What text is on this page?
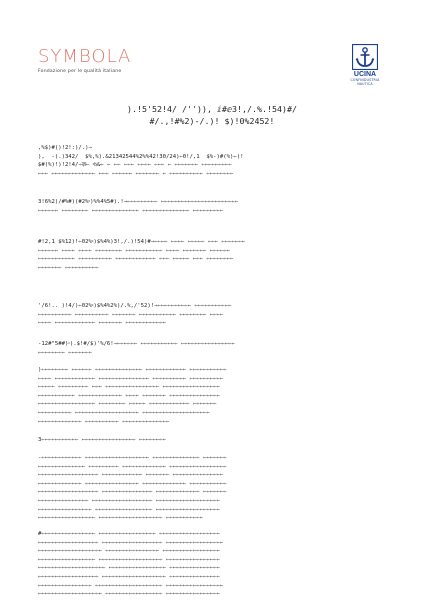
SYMBOLA
Fondazione per le qualità italiane	UCINA
CONFINDUSTRIA NAUTICA
).!5'52!4/ /'')), ⅈ#ⅇ3!,/.%.!54)#/
#/.,!#%2)-/.)! $)!0%2452!
,%$)#()!2!:)/.)⇒
),  -).)342/  $%,%).&21342544%2%%42!30/24)⇐0!/,1  $%-)#(%)⇐(!
$#(%)!)!2!4/⇒ॹ⇐ ᵡᵬ&⇐ ⇐ ⇐⇐ ⇐⇐⇐ ⇐⇐⇐⇐ ⇐⇐⇐ ⇐ ⇐⇐⇐⇐⇐⇐⇐ ⇐⇐⇐⇐⇐⇐⇐⇐⇐
⇐⇐⇐ ⇐⇐⇐⇐⇐⇐⇐⇐⇐⇐⇐⇐⇐ ⇐⇐⇐ ⇐⇐⇐⇐⇐⇐ ⇐⇐⇐⇐⇐⇐⇐ ⇐ ⇐⇐⇐⇐⇐⇐⇐⇐⇐⇐ ⇐⇐⇐⇐⇐⇐⇐⇐
3!6%2)/#%#)(#2%ᵡ)%%4%5#).!⇒⇐⇐⇐⇐⇐⇐⇐⇐⇐ ⇐⇐⇐⇐⇐⇐⇐⇐⇐⇐⇐⇐⇐⇐⇐⇐⇐⇐⇐⇐⇐⇐⇐
⇐⇐⇐⇐⇐⇐ ⇐⇐⇐⇐⇐⇐⇐⇐ ⇐⇐⇐⇐⇐⇐⇐⇐⇐⇐⇐⇐⇐⇐ ⇐⇐⇐⇐⇐⇐⇐⇐⇐⇐⇐⇐⇐⇐ ⇐⇐⇐⇐⇐⇐⇐⇐⇐
#!2,1 $%12)!⇐02%ᵡ)$%4%)3!,/.)!54)#⇒⇐⇐⇐⇐ ⇐⇐⇐⇐ ⇐⇐⇐⇐⇐ ⇐⇐⇐ ⇐⇐⇐⇐⇐⇐⇐
⇐⇐⇐⇐⇐⇐ ⇐⇐⇐⇐ ⇐⇐⇐⇐ ⇐⇐⇐⇐⇐⇐⇐⇐ ⇐⇐⇐⇐⇐⇐⇐⇐⇐⇐⇐ ⇐⇐⇐⇐ ⇐⇐⇐⇐⇐⇐⇐ ⇐⇐⇐⇐⇐⇐
⇐⇐⇐⇐⇐⇐⇐⇐⇐⇐⇐ ⇐⇐⇐⇐⇐⇐⇐⇐⇐⇐ ⇐⇐⇐⇐⇐⇐⇐⇐⇐⇐⇐⇐ ⇐⇐⇐ ⇐⇐⇐⇐⇐ ⇐⇐⇐ ⇐⇐⇐⇐⇐⇐⇐⇐
⇐⇐⇐⇐⇐⇐⇐ ⇐⇐⇐⇐⇐⇐⇐⇐⇐⇐
'/6!.. )!4/)⇐02%ᵡ)$%4%2%)/.%,/'52)!⇒⇐⇐⇐⇐⇐⇐⇐⇐⇐⇐ ⇐⇐⇐⇐⇐⇐⇐⇐⇐⇐⇐
⇐⇐⇐⇐⇐⇐⇐⇐⇐⇐ ⇐⇐⇐⇐⇐⇐⇐⇐⇐⇐ ⇐⇐⇐⇐⇐⇐⇐ ⇐⇐⇐⇐⇐⇐⇐⇐⇐⇐⇐ ⇐⇐⇐⇐⇐⇐⇐⇐ ⇐⇐⇐⇐
⇐⇐⇐⇐ ⇐⇐⇐⇐⇐⇐⇐⇐⇐⇐⇐⇐ ⇐⇐⇐⇐⇐⇐⇐ ⇐⇐⇐⇐⇐⇐⇐⇐⇐⇐⇐⇐
-12#"5##)ᵡ).$!#/$)'%/6!⇒⇐⇐⇐⇐⇐⇐ ⇐⇐⇐⇐⇐⇐⇐⇐⇐⇐⇐ ⇐⇐⇐⇐⇐⇐⇐⇐⇐⇐⇐⇐⇐⇐⇐⇐
⇐⇐⇐⇐⇐⇐⇐⇐ ⇐⇐⇐⇐⇐⇐⇐
)⇐⇐⇐⇐⇐⇐⇐⇐ ⇐⇐⇐⇐⇐⇐ ⇐⇐⇐⇐⇐⇐⇐⇐⇐⇐⇐⇐⇐⇐ ⇐⇐⇐⇐⇐⇐⇐⇐⇐⇐⇐⇐ ⇐⇐⇐⇐⇐⇐⇐⇐⇐⇐⇐
⇐⇐⇐⇐ ⇐⇐⇐⇐⇐⇐⇐⇐⇐⇐⇐⇐ ⇐⇐⇐⇐⇐⇐⇐⇐⇐⇐⇐⇐⇐⇐⇐ ⇐⇐⇐⇐⇐⇐⇐⇐⇐⇐ ⇐⇐⇐⇐⇐⇐⇐⇐⇐⇐
⇐⇐⇐⇐⇐ ⇐⇐⇐⇐⇐⇐⇐⇐⇐ ⇐⇐⇐ ⇐⇐⇐⇐⇐⇐⇐⇐⇐⇐⇐⇐⇐⇐⇐⇐ ⇐⇐⇐⇐⇐⇐⇐⇐⇐⇐⇐⇐⇐⇐⇐⇐⇐
⇐⇐⇐⇐⇐⇐⇐⇐⇐⇐⇐ ⇐⇐⇐⇐⇐⇐⇐⇐⇐⇐⇐⇐⇐ ⇐⇐⇐⇐ ⇐⇐⇐⇐⇐⇐⇐ ⇐⇐⇐⇐⇐⇐⇐⇐⇐⇐⇐⇐⇐⇐⇐
⇐⇐⇐⇐⇐⇐⇐⇐⇐⇐⇐⇐⇐⇐⇐⇐⇐ ⇐⇐⇐⇐⇐⇐⇐⇐ ⇐⇐⇐⇐⇐ ⇐⇐⇐⇐⇐⇐⇐⇐⇐⇐⇐⇐ ⇐⇐⇐⇐⇐⇐⇐
⇐⇐⇐⇐⇐⇐⇐⇐⇐⇐ ⇐⇐⇐⇐⇐⇐⇐⇐⇐⇐⇐⇐⇐⇐⇐⇐⇐⇐⇐ ⇐⇐⇐⇐⇐⇐⇐⇐⇐⇐⇐⇐⇐⇐⇐⇐⇐⇐⇐⇐
⇐⇐⇐⇐⇐⇐⇐⇐⇐⇐⇐⇐⇐ ⇐⇐⇐⇐⇐⇐⇐⇐⇐⇐ ⇐⇐⇐⇐⇐⇐⇐⇐⇐⇐⇐⇐⇐⇐
3⇐⇐⇐⇐⇐⇐⇐⇐⇐⇐⇐ ⇐⇐⇐⇐⇐⇐⇐⇐⇐⇐⇐⇐⇐⇐⇐⇐ ⇐⇐⇐⇐⇐⇐⇐⇐
-⇐⇐⇐⇐⇐⇐⇐⇐⇐⇐⇐⇐ ⇐⇐⇐⇐⇐⇐⇐⇐⇐⇐⇐⇐⇐⇐⇐⇐⇐⇐⇐ ⇐⇐⇐⇐⇐⇐⇐⇐⇐⇐⇐⇐⇐⇐ ⇐⇐⇐⇐⇐⇐⇐
⇐⇐⇐⇐⇐⇐⇐⇐⇐⇐⇐⇐⇐⇐ ⇐⇐⇐⇐⇐⇐⇐⇐⇐ ⇐⇐⇐⇐⇐⇐⇐⇐⇐⇐⇐⇐⇐ ⇐⇐⇐⇐⇐⇐⇐⇐⇐⇐⇐⇐⇐⇐⇐⇐⇐
⇐⇐⇐⇐⇐⇐⇐⇐⇐⇐⇐⇐⇐⇐⇐⇐⇐⇐ ⇐⇐⇐⇐⇐⇐⇐⇐⇐⇐⇐⇐ ⇐⇐⇐⇐⇐⇐⇐ ⇐⇐⇐⇐⇐⇐⇐⇐⇐⇐⇐⇐⇐⇐⇐
⇐⇐⇐⇐⇐⇐⇐⇐⇐⇐⇐⇐⇐ ⇐⇐⇐⇐⇐⇐⇐⇐⇐⇐⇐⇐⇐⇐⇐⇐ ⇐⇐⇐⇐⇐⇐⇐⇐⇐⇐⇐⇐⇐ ⇐⇐⇐⇐⇐⇐⇐⇐⇐⇐⇐
⇐⇐⇐⇐⇐⇐⇐⇐⇐⇐⇐⇐⇐⇐⇐⇐⇐⇐ ⇐⇐⇐⇐⇐⇐⇐⇐⇐⇐⇐⇐⇐⇐⇐ ⇐⇐⇐⇐⇐⇐⇐⇐⇐⇐⇐⇐⇐ ⇐⇐⇐⇐⇐⇐⇐
⇐⇐⇐⇐⇐⇐⇐⇐⇐⇐⇐⇐⇐⇐⇐ ⇐⇐⇐⇐⇐⇐⇐⇐⇐⇐⇐⇐⇐⇐⇐⇐⇐⇐ ⇐⇐⇐⇐⇐⇐⇐⇐⇐⇐⇐⇐⇐⇐⇐⇐⇐⇐⇐
⇐⇐⇐⇐⇐⇐⇐⇐⇐⇐⇐⇐⇐⇐⇐⇐ ⇐⇐⇐⇐⇐⇐⇐⇐⇐⇐⇐⇐⇐⇐⇐⇐⇐ ⇐⇐⇐⇐⇐⇐⇐⇐⇐⇐⇐⇐⇐⇐⇐⇐⇐⇐⇐
⇐⇐⇐⇐⇐⇐⇐⇐⇐⇐⇐⇐⇐⇐⇐⇐⇐ ⇐⇐⇐⇐⇐⇐⇐⇐⇐⇐⇐⇐⇐⇐⇐⇐⇐⇐⇐ ⇐⇐⇐⇐⇐⇐⇐⇐⇐⇐⇐
#⇐⇐⇐⇐⇐⇐⇐⇐⇐⇐⇐⇐⇐⇐⇐⇐ ⇐⇐⇐⇐⇐⇐⇐⇐⇐⇐⇐⇐⇐⇐⇐⇐⇐ ⇐⇐⇐⇐⇐⇐⇐⇐⇐⇐⇐⇐⇐⇐⇐⇐⇐⇐
⇐⇐⇐⇐⇐⇐⇐⇐⇐⇐⇐⇐⇐⇐⇐⇐⇐⇐ ⇐⇐⇐⇐⇐⇐⇐⇐⇐⇐⇐⇐⇐⇐⇐⇐⇐⇐ ⇐⇐⇐⇐⇐⇐⇐⇐⇐⇐⇐⇐⇐⇐⇐⇐⇐
⇐⇐⇐⇐⇐⇐⇐⇐⇐⇐⇐⇐⇐⇐⇐⇐⇐⇐⇐ ⇐⇐⇐⇐⇐⇐⇐⇐⇐⇐⇐⇐⇐⇐⇐⇐ ⇐⇐⇐⇐⇐⇐⇐⇐⇐⇐⇐⇐⇐⇐⇐⇐⇐
⇐⇐⇐⇐⇐⇐⇐⇐⇐⇐⇐⇐⇐⇐⇐⇐⇐ ⇐⇐⇐⇐⇐⇐⇐⇐⇐⇐⇐⇐⇐⇐⇐⇐⇐⇐⇐ ⇐⇐⇐⇐⇐⇐⇐⇐⇐⇐⇐⇐⇐⇐⇐⇐
⇐⇐⇐⇐⇐⇐⇐⇐⇐⇐⇐⇐⇐⇐⇐⇐⇐⇐⇐⇐ ⇐⇐⇐⇐⇐⇐⇐⇐⇐⇐⇐⇐⇐⇐⇐⇐⇐ ⇐⇐⇐⇐⇐⇐⇐⇐⇐⇐⇐⇐⇐⇐⇐
⇐⇐⇐⇐⇐⇐⇐⇐⇐⇐⇐⇐⇐⇐⇐⇐⇐⇐ ⇐⇐⇐⇐⇐⇐⇐⇐⇐⇐⇐⇐⇐⇐⇐⇐⇐⇐⇐ ⇐⇐⇐⇐⇐⇐⇐⇐⇐⇐⇐⇐⇐⇐⇐
⇐⇐⇐⇐⇐⇐⇐⇐⇐⇐⇐⇐⇐⇐⇐⇐ ⇐⇐⇐⇐⇐⇐⇐⇐⇐⇐⇐⇐⇐⇐⇐⇐⇐⇐⇐⇐ ⇐⇐⇐⇐⇐⇐⇐⇐⇐⇐⇐⇐⇐⇐⇐⇐⇐
⇐⇐⇐⇐⇐⇐⇐⇐⇐⇐⇐⇐⇐⇐⇐⇐⇐⇐⇐ ⇐⇐⇐⇐⇐⇐⇐⇐⇐⇐⇐⇐⇐⇐⇐⇐⇐ ⇐⇐⇐⇐⇐⇐⇐⇐⇐⇐⇐⇐⇐⇐⇐⇐
